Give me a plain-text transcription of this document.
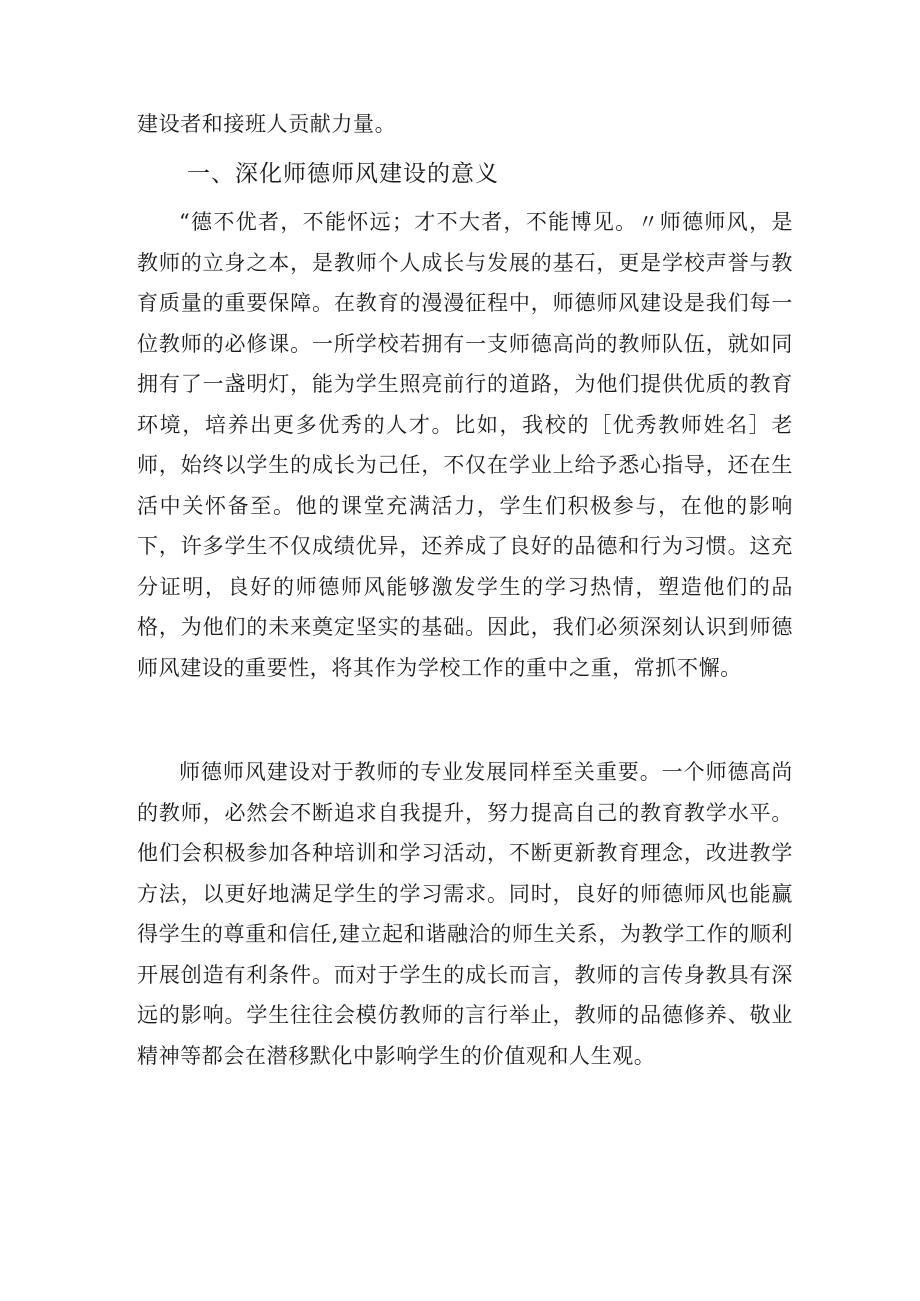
建设者和接班人贡献力量。

一、深化师德师风建设的意义

“德不优者，不能怀远；才不大者，不能博见。〃师德师风，是教师的立身之本，是教师个人成长与发展的基石，更是学校声誉与教育质量的重要保障。在教育的漫漫征程中，师德师风建设是我们每一位教师的必修课。一所学校若拥有一支师德高尚的教师队伍，就如同拥有了一盏明灯，能为学生照亮前行的道路，为他们提供优质的教育环境，培养出更多优秀的人才。比如，我校的［优秀教师姓名］老师，始终以学生的成长为己任，不仅在学业上给予悉心指导，还在生活中关怀备至。他的课堂充满活力，学生们积极参与，在他的影响下，许多学生不仅成绩优异，还养成了良好的品德和行为习惯。这充分证明，良好的师德师风能够激发学生的学习热情，塑造他们的品格，为他们的未来奠定坚实的基础。因此，我们必须深刻认识到师德师风建设的重要性，将其作为学校工作的重中之重，常抓不懈。

师德师风建设对于教师的专业发展同样至关重要。一个师德高尚的教师，必然会不断追求自我提升，努力提高自己的教育教学水平。他们会积极参加各种培训和学习活动，不断更新教育理念，改进教学方法，以更好地满足学生的学习需求。同时，良好的师德师风也能赢得学生的尊重和信任,建立起和谐融洽的师生关系，为教学工作的顺利开展创造有利条件。而对于学生的成长而言，教师的言传身教具有深远的影响。学生往往会模仿教师的言行举止，教师的品德修养、敬业精神等都会在潜移默化中影响学生的价值观和人生观。
